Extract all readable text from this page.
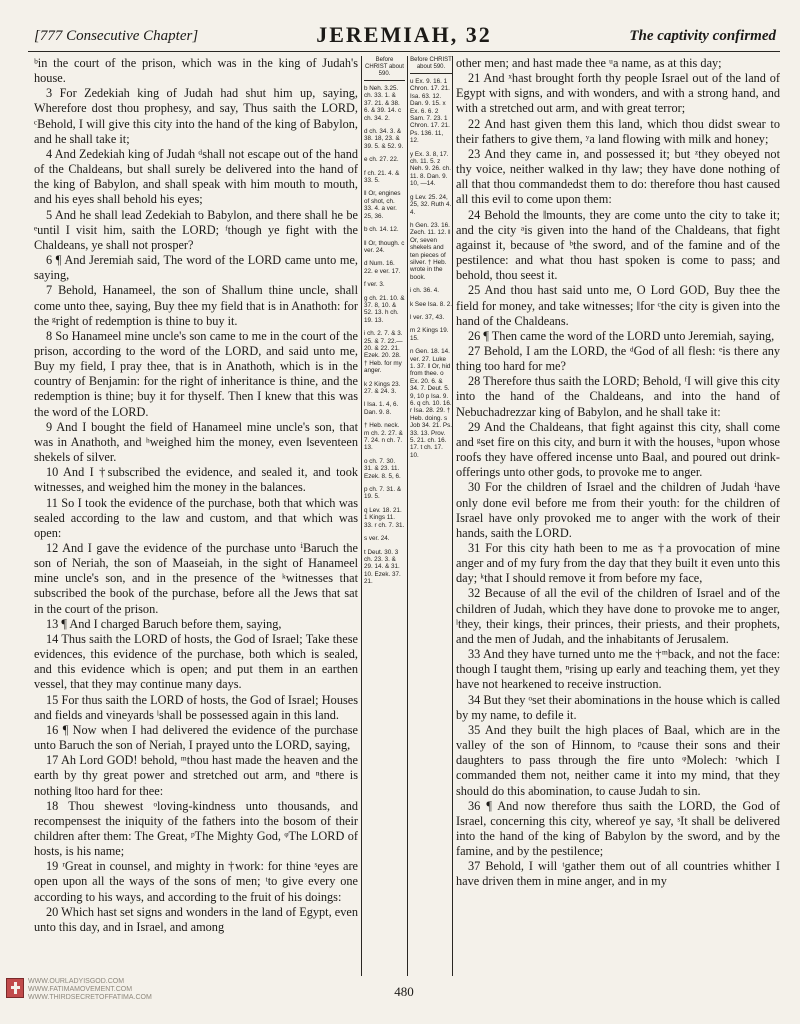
[777 Consecutive Chapter]	JEREMIAH, 32	The captivity confirmed

ᵇin the court of the prison, which was in the king of Judah's house.

3 For Zedekiah king of Judah had shut him up, saying, Wherefore dost thou prophesy, and say, Thus saith the LORD, ᶜBehold, I will give this city into the hand of the king of Babylon, and he shall take it;

4 And Zedekiah king of Judah ᵈshall not escape out of the hand of the Chaldeans, but shall surely be delivered into the hand of the king of Babylon, and shall speak with him mouth to mouth, and his eyes shall behold his eyes;

5 And he shall lead Zedekiah to Babylon, and there shall he be ᵉuntil I visit him, saith the LORD; ᶠthough ye fight with the Chaldeans, ye shall not prosper?

6 ¶ And Jeremiah said, The word of the LORD came unto me, saying,

7 Behold, Hanameel, the son of Shallum thine uncle, shall come unto thee, saying, Buy thee my field that is in Anathoth: for the ᵍright of redemption is thine to buy it.

8 So Hanameel mine uncle's son came to me in the court of the prison, according to the word of the LORD, and said unto me, Buy my field, I pray thee, that is in Anathoth, which is in the country of Benjamin: for the right of inheritance is thine, and the redemption is thine; buy it for thyself. Then I knew that this was the word of the LORD.

9 And I bought the field of Hanameel mine uncle's son, that was in Anathoth, and ʰweighed him the money, even ‖seventeen shekels of silver.

10 And I †subscribed the evidence, and sealed it, and took witnesses, and weighed him the money in the balances.

11 So I took the evidence of the purchase, both that which was sealed according to the law and custom, and that which was open:

12 And I gave the evidence of the purchase unto ⁱBaruch the son of Neriah, the son of Maaseiah, in the sight of Hanameel mine uncle's son, and in the presence of the ᵏwitnesses that subscribed the book of the purchase, before all the Jews that sat in the court of the prison.

13 ¶ And I charged Baruch before them, saying,

14 Thus saith the LORD of hosts, the God of Israel; Take these evidences, this evidence of the purchase, both which is sealed, and this evidence which is open; and put them in an earthen vessel, that they may continue many days.

15 For thus saith the LORD of hosts, the God of Israel; Houses and fields and vineyards ˡshall be possessed again in this land.

16 ¶ Now when I had delivered the evidence of the purchase unto Baruch the son of Neriah, I prayed unto the LORD, saying,

17 Ah Lord GOD! behold, ᵐthou hast made the heaven and the earth by thy great power and stretched out arm, and ⁿthere is nothing ‖too hard for thee:

18 Thou shewest ᵒloving-kindness unto thousands, and recompensest the iniquity of the fathers into the bosom of their children after them: The Great, ᵖThe Mighty God, ᵠThe LORD of hosts, is his name;

19 ʳGreat in counsel, and mighty in †work: for thine ˢeyes are open upon all the ways of the sons of men; ᵗto give every one according to his ways, and according to the fruit of his doings:

20 Which hast set signs and wonders in the land of Egypt, even unto this day, and in Israel, and among

Before CHRIST about 590.
b Neh. 3.25. ch. 33. 1. & 37. 21. & 38. 6. & 39. 14. c ch. 34. 2.
d ch. 34. 3. & 38. 18, 23. & 39. 5. & 52. 9.
e ch. 27. 22.
f ch. 21. 4. & 33. 5.
‖ Or, engines of shot, ch. 33. 4. a ver. 25, 36.
b ch. 14. 12.
‖ Or, though. c ver. 24.
d Num. 16. 22. e ver. 17.
f ver. 3.
g ch. 21. 10. & 37. 8, 10. & 52. 13. h ch. 19. 13.
i ch. 2. 7. & 3. 25. & 7. 22.—20. & 22. 21. Ezek. 20. 28. † Heb. for my anger.
k 2 Kings 23. 27. & 24. 3.
l Isa. 1. 4, 6. Dan. 9. 8.
† Heb. neck. m ch. 2. 27. & 7. 24. n ch. 7. 13.
o ch. 7. 30. 31. & 23. 11. Ezek. 8. 5, 6.
p ch. 7. 31. & 19. 5.
q Lev. 18. 21. 1 Kings 11. 33. r ch. 7. 31.
s ver. 24.
t Deut. 30. 3 ch. 23. 3. & 29. 14. & 31. 10. Ezek. 37. 21.
Before CHRIST about 590.
u Ex. 9. 16. 1 Chron. 17. 21. Isa. 63. 12. Dan. 9. 15. x Ex. 6. 6. 2 Sam. 7. 23. 1 Chron. 17. 21. Ps. 136. 11, 12.
y Ex. 3. 8, 17. ch. 11. 5. z Neh. 9. 26. ch. 11. 8. Dan. 9. 10, —14.
g Lev. 25. 24, 25, 32. Ruth 4. 4.
h Gen. 23. 16. Zech. 11. 12. ‖ Or, seven shekels and ten pieces of silver. † Heb. wrote in the book.
i ch. 36. 4.
k See Isa. 8. 2.
l ver. 37, 43.
m 2 Kings 19. 15.
n Gen. 18. 14. ver. 27. Luke 1. 37. ‖ Or, hid from thee. o Ex. 20. 6. & 34. 7. Deut. 5. 9, 10 p Isa. 9. 6. q ch. 10. 16. r Isa. 28. 29. † Heb. doing. s Job 34. 21. Ps. 33. 13. Prov. 5. 21. ch. 16. 17. t ch. 17. 10.

other men; and hast made thee ᵘa name, as at this day;

21 And ˣhast brought forth thy people Israel out of the land of Egypt with signs, and with wonders, and with a strong hand, and with a stretched out arm, and with great terror;

22 And hast given them this land, which thou didst swear to their fathers to give them, ʸa land flowing with milk and honey;

23 And they came in, and possessed it; but ᶻthey obeyed not thy voice, neither walked in thy law; they have done nothing of all that thou commandedst them to do: therefore thou hast caused all this evil to come upon them:

24 Behold the ‖mounts, they are come unto the city to take it; and the city ᵃis given into the hand of the Chaldeans, that fight against it, because of ᵇthe sword, and of the famine and of the pestilence: and what thou hast spoken is come to pass; and behold, thou seest it.

25 And thou hast said unto me, O Lord GOD, Buy thee the field for money, and take witnesses; ‖for ᶜthe city is given into the hand of the Chaldeans.

26 ¶ Then came the word of the LORD unto Jeremiah, saying,

27 Behold, I am the LORD, the ᵈGod of all flesh: ᵉis there any thing too hard for me?

28 Therefore thus saith the LORD; Behold, ᶠI will give this city into the hand of the Chaldeans, and into the hand of Nebuchadrezzar king of Babylon, and he shall take it:

29 And the Chaldeans, that fight against this city, shall come and ᵍset fire on this city, and burn it with the houses, ʰupon whose roofs they have offered incense unto Baal, and poured out drink-offerings unto other gods, to provoke me to anger.

30 For the children of Israel and the children of Judah ⁱhave only done evil before me from their youth: for the children of Israel have only provoked me to anger with the work of their hands, saith the LORD.

31 For this city hath been to me as †a provocation of mine anger and of my fury from the day that they built it even unto this day; ᵏthat I should remove it from before my face,

32 Because of all the evil of the children of Israel and of the children of Judah, which they have done to provoke me to anger, ˡthey, their kings, their princes, their priests, and their prophets, and the men of Judah, and the inhabitants of Jerusalem.

33 And they have turned unto me the †ᵐback, and not the face: though I taught them, ⁿrising up early and teaching them, yet they have not hearkened to receive instruction.

34 But they ᵒset their abominations in the house which is called by my name, to defile it.

35 And they built the high places of Baal, which are in the valley of the son of Hinnom, to ᵖcause their sons and their daughters to pass through the fire unto ᵠMolech: ʳwhich I commanded them not, neither came it into my mind, that they should do this abomination, to cause Judah to sin.

36 ¶ And now therefore thus saith the LORD, the God of Israel, concerning this city, whereof ye say, ˢIt shall be delivered into the hand of the king of Babylon by the sword, and by the famine, and by the pestilence;

37 Behold, I will ᵗgather them out of all countries whither I have driven them in mine anger, and in my

WWW.OURLADYISGOD.COM
WWW.FATIMAMOVEMENT.COM
WWW.THIRDSECRETOFFATIMA.COM	480
